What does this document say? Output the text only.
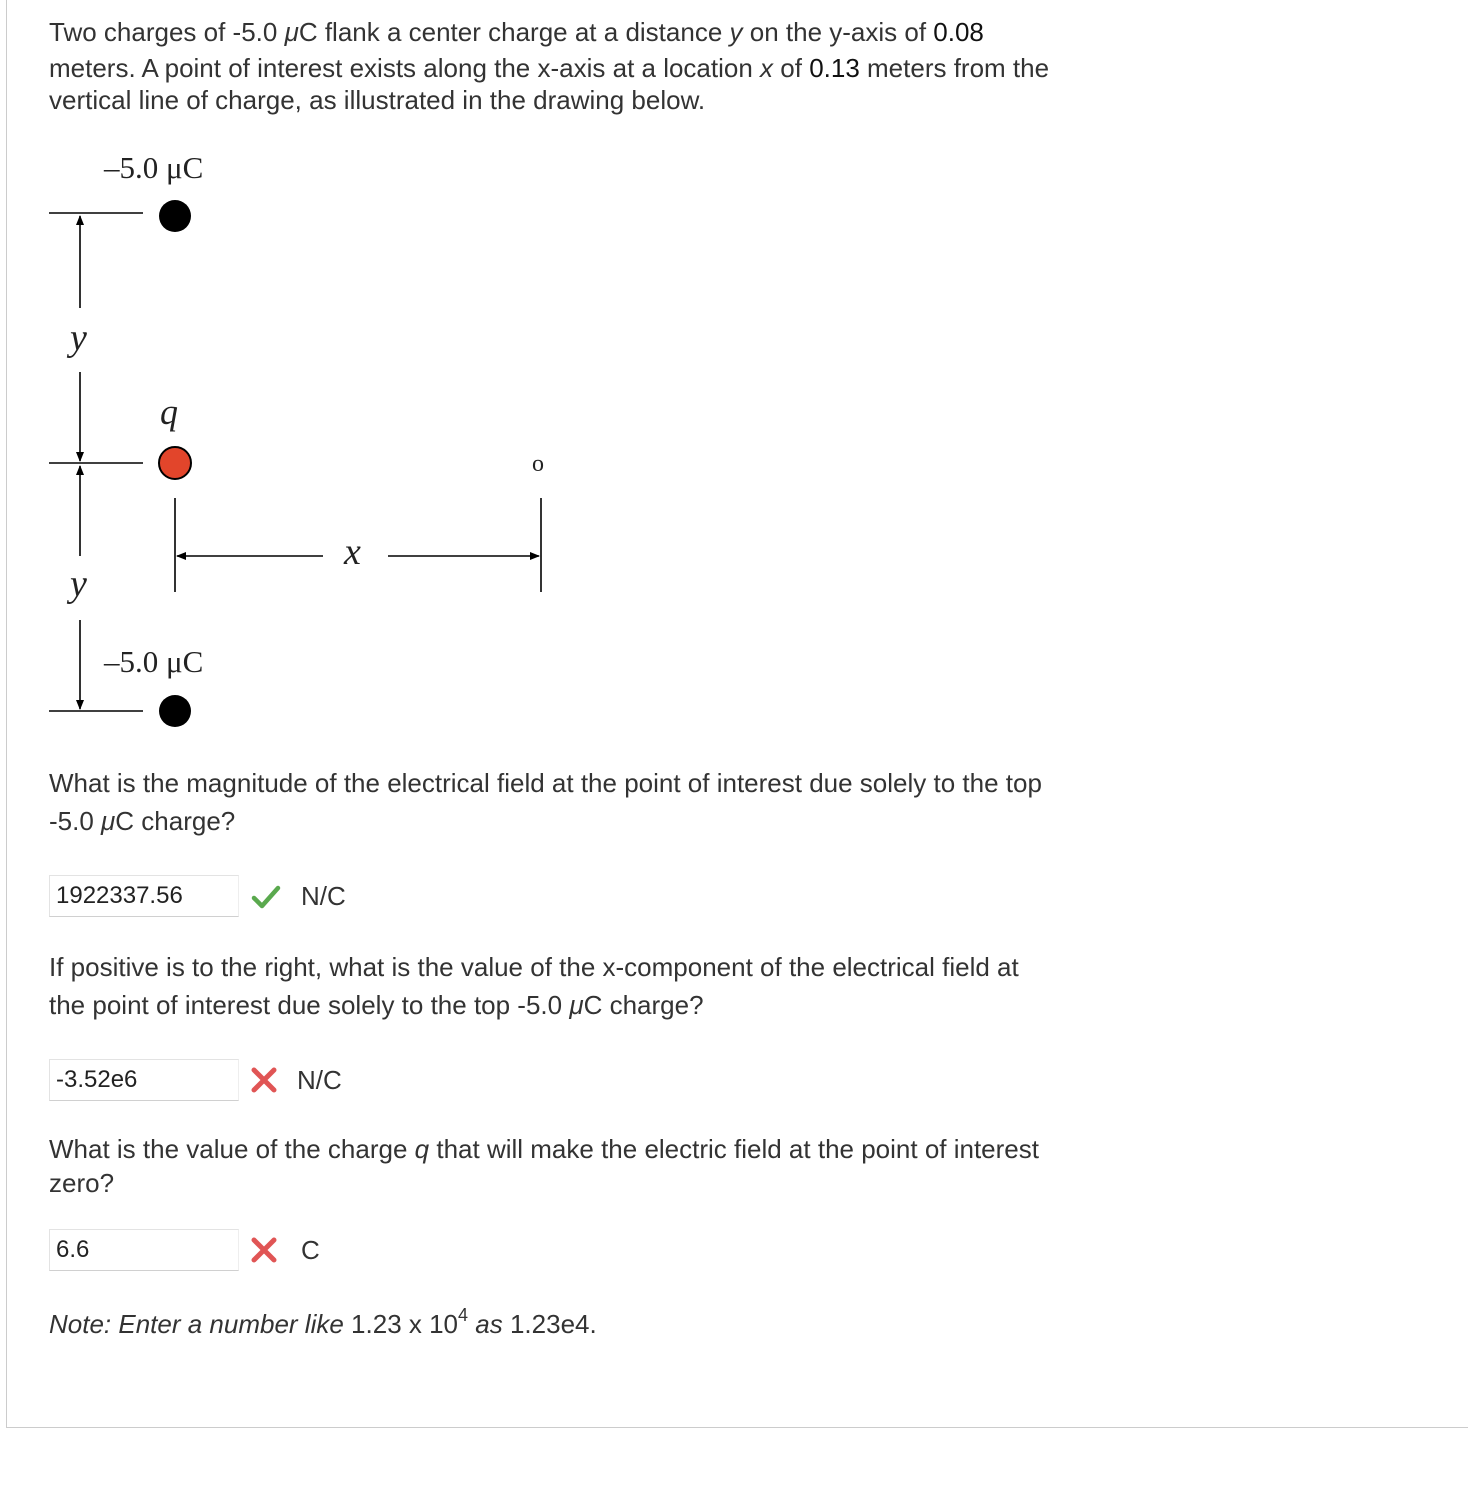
Two charges of -5.0 μC flank a center charge at a distance y on the y-axis of 0.08
meters. A point of interest exists along the x-axis at a location x of 0.13 meters from the
vertical line of charge, as illustrated in the drawing below.

–5.0 μC
–5.0 μC
q
y
y
o
x

What is the magnitude of the electrical field at the point of interest due solely to the top
-5.0 μC charge?

1922337.56
N/C

If positive is to the right, what is the value of the x-component of the electrical field at
the point of interest due solely to the top -5.0 μC charge?

-3.52e6
N/C

What is the value of the charge q that will make the electric field at the point of interest
zero?

6.6
C
Note: Enter a number like 1.23 x $10^4$ as 1.23e4.
